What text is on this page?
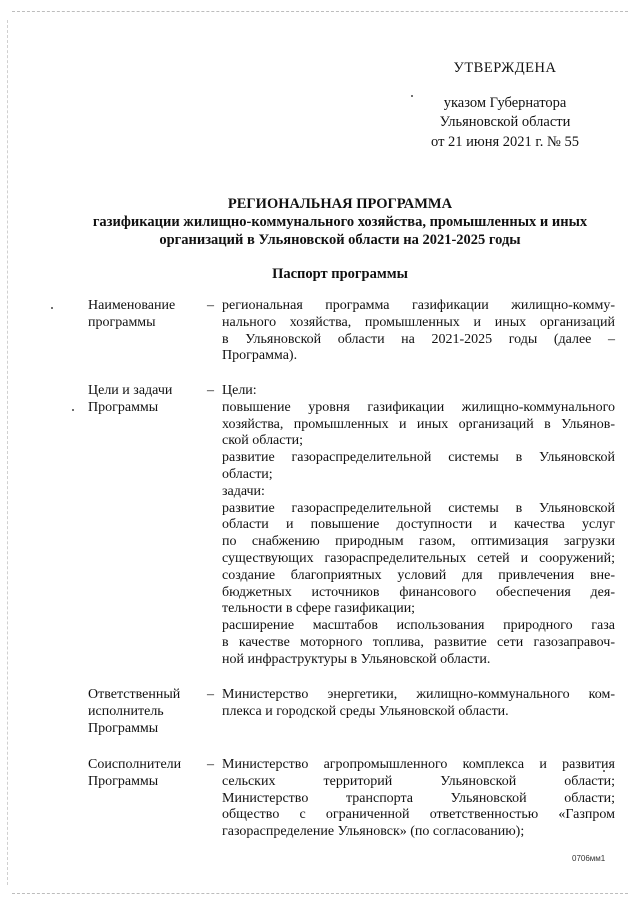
УТВЕРЖДЕНА
указом Губернатора
Ульяновской области
от 21 июня 2021 г. № 55
РЕГИОНАЛЬНАЯ ПРОГРАММА
газификации жилищно-коммунального хозяйства, промышленных и иных
организаций в Ульяновской области на 2021-2025 годы
Паспорт программы
Наименование
программы
– региональная программа газификации жилищно-комму-
нального хозяйства, промышленных и иных организаций
в Ульяновской области на 2021-2025 годы (далее –
Программа).
Цели и задачи
Программы
– Цели:
повышение уровня газификации жилищно-коммунального
хозяйства, промышленных и иных организаций в Ульянов-
ской области;
развитие газораспределительной системы в Ульяновской
области;
задачи:
развитие газораспределительной системы в Ульяновской
области и повышение доступности и качества услуг
по снабжению природным газом, оптимизация загрузки
существующих газораспределительных сетей и сооружений;
создание благоприятных условий для привлечения вне-
бюджетных источников финансового обеспечения дея-
тельности в сфере газификации;
расширение масштабов использования природного газа
в качестве моторного топлива, развитие сети газозаправоч-
ной инфраструктуры в Ульяновской области.
Ответственный
исполнитель
Программы
– Министерство энергетики, жилищно-коммунального ком-
плекса и городской среды Ульяновской области.
Соисполнители
Программы
– Министерство агропромышленного комплекса и развития
сельских территорий Ульяновской области;
Министерство транспорта Ульяновской области;
общество с ограниченной ответственностью «Газпром
газораспределение Ульяновск» (по согласованию);
0706мм1
